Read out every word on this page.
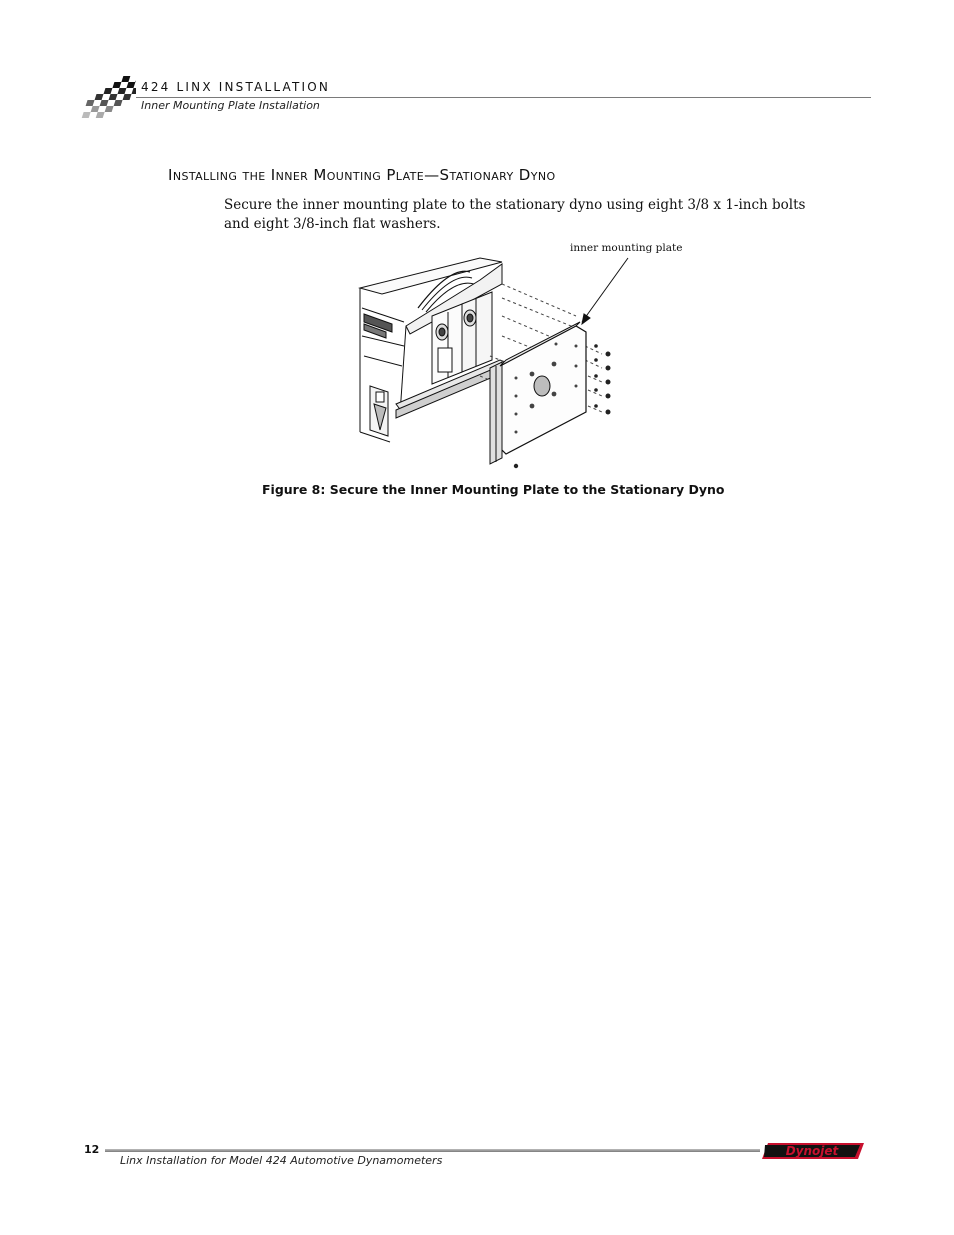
424 LINX INSTALLATION
Inner Mounting Plate Installation
Installing the Inner Mounting Plate—Stationary Dyno

Secure the inner mounting plate to the stationary dyno using eight 3/8 x 1-inch bolts and eight 3/8-inch flat washers.

inner mounting plate
Figure 8: Secure the Inner Mounting Plate to the Stationary Dyno
12
Linx Installation for Model 424 Automotive Dynamometers
Dynojet
